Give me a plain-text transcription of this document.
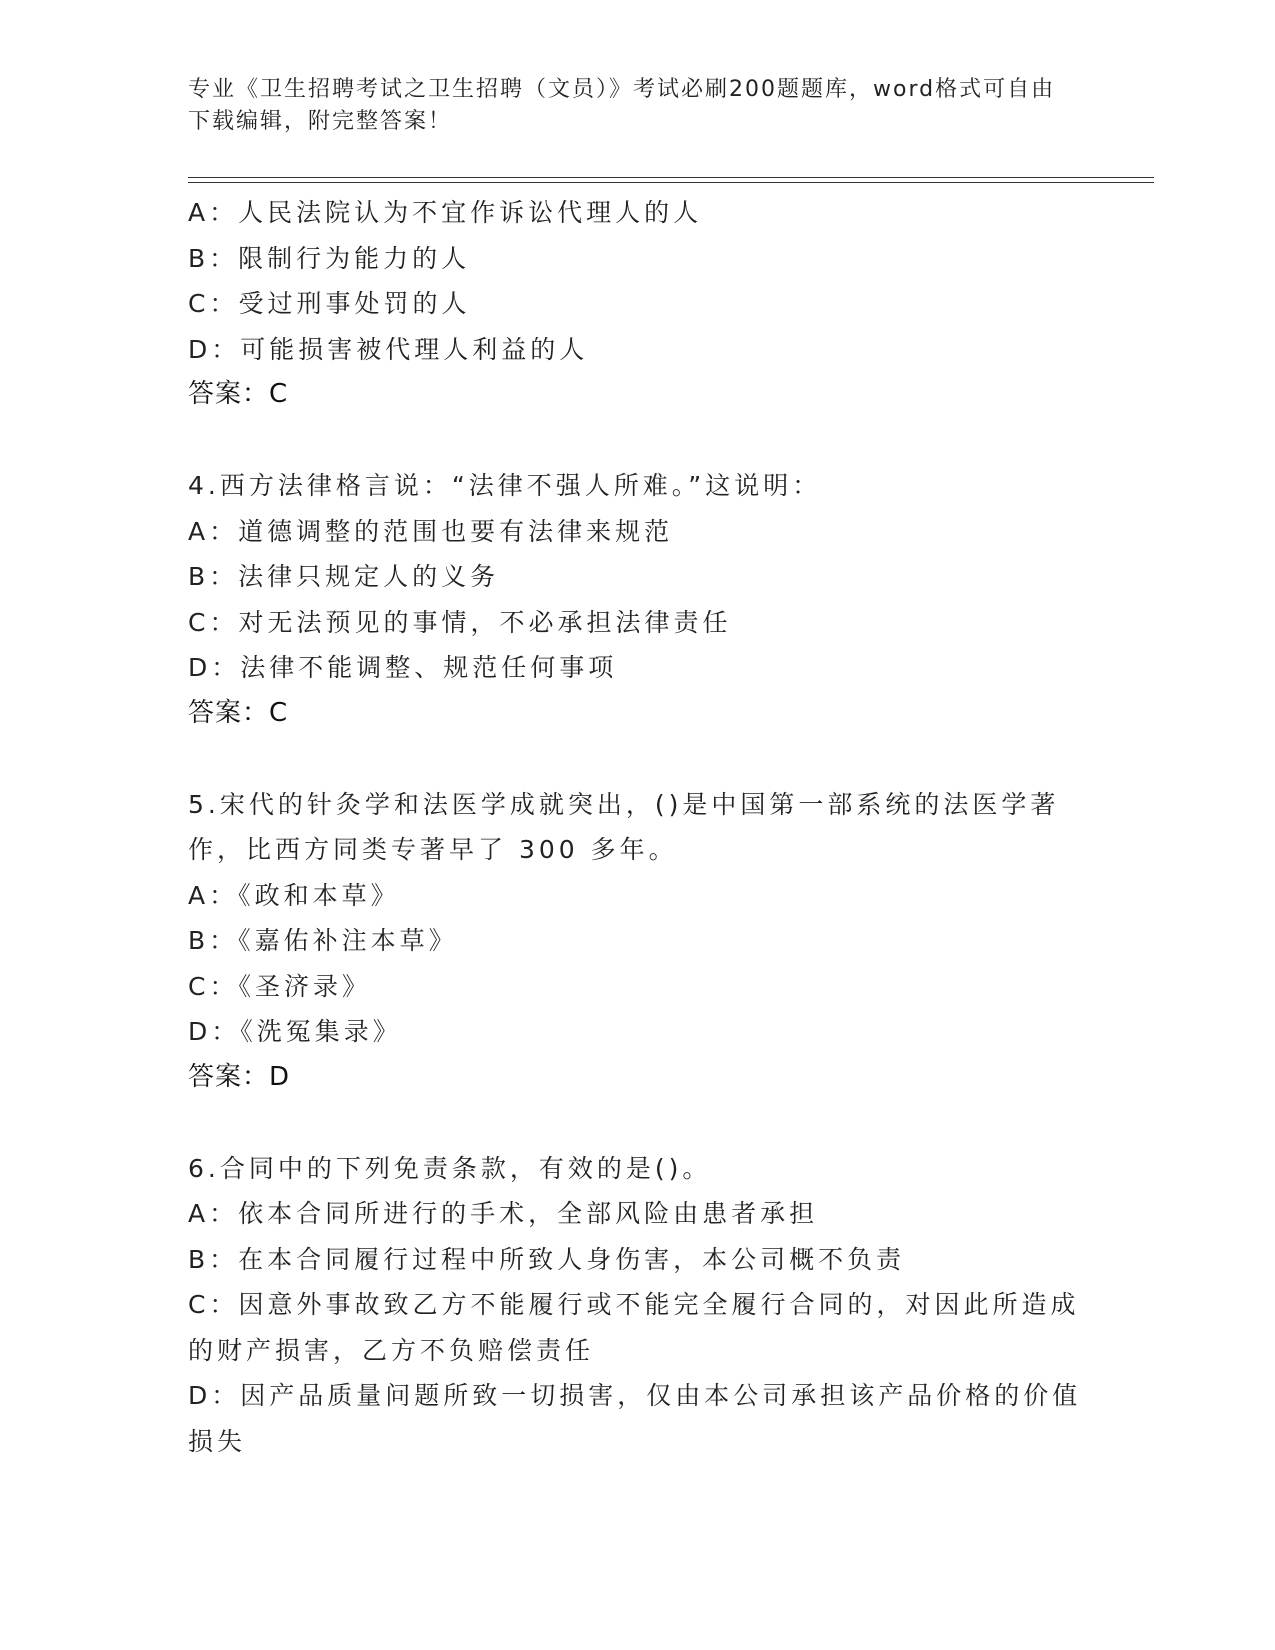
专业《卫生招聘考试之卫生招聘（文员）》考试必刷200题题库，word格式可自由下载编辑，附完整答案！
A：人民法院认为不宜作诉讼代理人的人
B：限制行为能力的人
C：受过刑事处罚的人
D：可能损害被代理人利益的人
答案：C
4.西方法律格言说：“法律不强人所难。”这说明：
A：道德调整的范围也要有法律来规范
B：法律只规定人的义务
C：对无法预见的事情，不必承担法律责任
D：法律不能调整、规范任何事项
答案：C
5.宋代的针灸学和法医学成就突出，()是中国第一部系统的法医学著
作，比西方同类专著早了 300 多年。
A：《政和本草》
B：《嘉佑补注本草》
C：《圣济录》
D：《洗冤集录》
答案：D
6.合同中的下列免责条款，有效的是()。
A：依本合同所进行的手术，全部风险由患者承担
B：在本合同履行过程中所致人身伤害，本公司概不负责
C：因意外事故致乙方不能履行或不能完全履行合同的，对因此所造成
的财产损害，乙方不负赔偿责任
D：因产品质量问题所致一切损害，仅由本公司承担该产品价格的价值
损失
